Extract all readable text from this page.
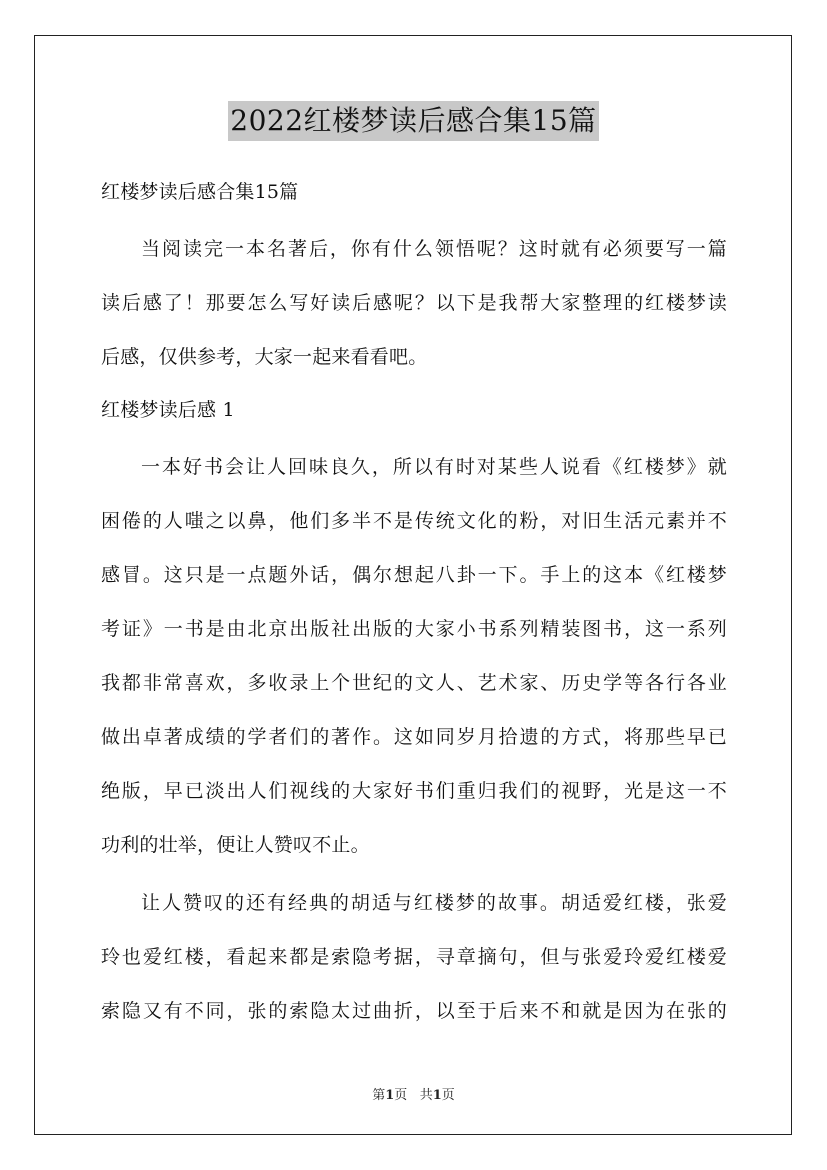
2022红楼梦读后感合集15篇
红楼梦读后感合集15篇
当阅读完一本名著后，你有什么领悟呢？这时就有必须要写一篇
读后感了！那要怎么写好读后感呢？以下是我帮大家整理的红楼梦读
后感，仅供参考，大家一起来看看吧。
红楼梦读后感 1
一本好书会让人回味良久，所以有时对某些人说看《红楼梦》就
困倦的人嗤之以鼻，他们多半不是传统文化的粉，对旧生活元素并不
感冒。这只是一点题外话，偶尔想起八卦一下。手上的这本《红楼梦
考证》一书是由北京出版社出版的大家小书系列精装图书，这一系列
我都非常喜欢，多收录上个世纪的文人、艺术家、历史学等各行各业
做出卓著成绩的学者们的著作。这如同岁月拾遗的方式，将那些早已
绝版，早已淡出人们视线的大家好书们重归我们的视野，光是这一不
功利的壮举，便让人赞叹不止。
让人赞叹的还有经典的胡适与红楼梦的故事。胡适爱红楼，张爱
玲也爱红楼，看起来都是索隐考据，寻章摘句，但与张爱玲爱红楼爱
索隐又有不同，张的索隐太过曲折，以至于后来不和就是因为在张的
第1页 共1页
